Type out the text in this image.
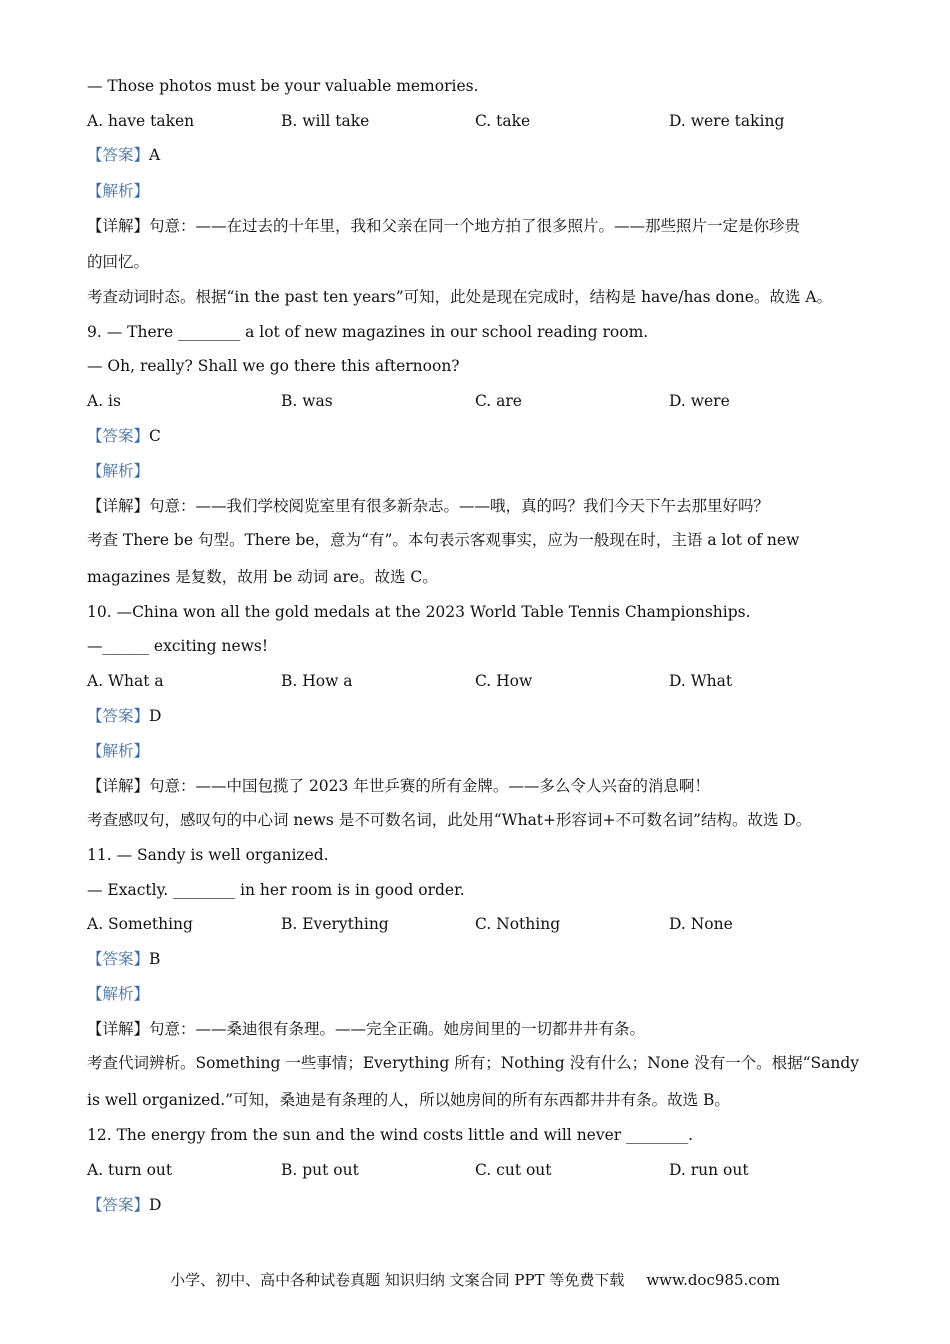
— Those photos must be your valuable memories.
A. have taken	B. will take	C. take	D. were taking
【答案】A
【解析】
【详解】句意：——在过去的十年里，我和父亲在同一个地方拍了很多照片。——那些照片一定是你珍贵
的回忆。
考查动词时态。根据“in the past ten years”可知，此处是现在完成时，结构是 have/has done。故选 A。
9. — There ________ a lot of new magazines in our school reading room.
— Oh, really? Shall we go there this afternoon?
A. is	B. was	C. are	D. were
【答案】C
【解析】
【详解】句意：——我们学校阅览室里有很多新杂志。——哦，真的吗？我们今天下午去那里好吗？
考查 There be 句型。There be，意为“有”。本句表示客观事实，应为一般现在时，主语 a lot of new
magazines 是复数，故用 be 动词 are。故选 C。
10. —China won all the gold medals at the 2023 World Table Tennis Championships.
—______ exciting news!
A. What a	B. How a	C. How	D. What
【答案】D
【解析】
【详解】句意：——中国包揽了 2023 年世乒赛的所有金牌。——多么令人兴奋的消息啊！
考查感叹句，感叹句的中心词 news 是不可数名词，此处用“What+形容词+不可数名词”结构。故选 D。
11. — Sandy is well organized.
— Exactly. ________ in her room is in good order.
A. Something	B. Everything	C. Nothing	D. None
【答案】B
【解析】
【详解】句意：——桑迪很有条理。——完全正确。她房间里的一切都井井有条。
考查代词辨析。Something 一些事情；Everything 所有；Nothing 没有什么；None 没有一个。根据“Sandy
is well organized.”可知，桑迪是有条理的人，所以她房间的所有东西都井井有条。故选 B。
12. The energy from the sun and the wind costs little and will never ________.
A. turn out	B. put out	C. cut out	D. run out
【答案】D
小学、初中、高中各种试卷真题 知识归纳 文案合同 PPT 等免费下载 www.doc985.com
